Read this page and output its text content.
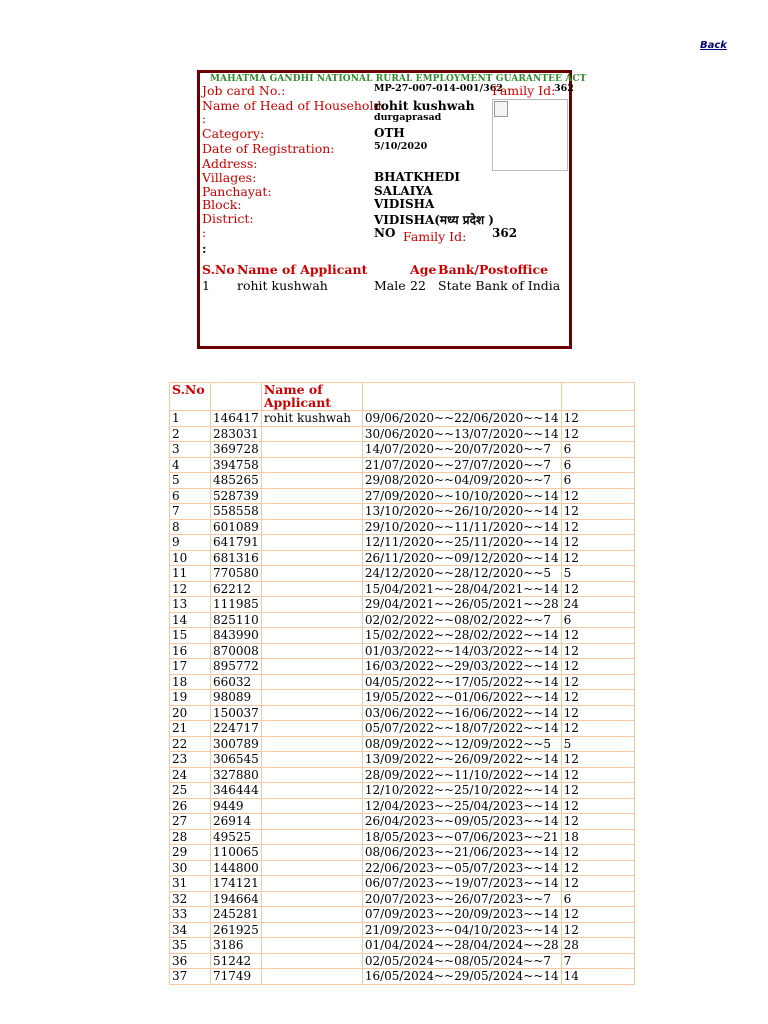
Back
MAHATMA GANDHI NATIONAL RURAL EMPLOYMENT GUARANTEE ACT
Job card No.:	MP-27-007-014-001/362
Family Id:
362
Name of Head of Household:
rohit kushwah
:	durgaprasad
Category:	OTH
Date of Registration:	5/10/2020
Address:
Villages:	BHATKHEDI
Panchayat:	SALAIYA
Block:	VIDISHA
District:	VIDISHA(मध्य प्रदेश )
:	NO Family Id: 362
:
S.No Name of Applicant	Age Bank/Postoffice
1 rohit kushwah	Male 22 State Bank of India
S.No		Name of Applicant		
1	146417	rohit kushwah	09/06/2020~~22/06/2020~~14	12
2	283031		30/06/2020~~13/07/2020~~14	12
3	369728		14/07/2020~~20/07/2020~~7	6
4	394758		21/07/2020~~27/07/2020~~7	6
5	485265		29/08/2020~~04/09/2020~~7	6
6	528739		27/09/2020~~10/10/2020~~14	12
7	558558		13/10/2020~~26/10/2020~~14	12
8	601089		29/10/2020~~11/11/2020~~14	12
9	641791		12/11/2020~~25/11/2020~~14	12
10	681316		26/11/2020~~09/12/2020~~14	12
11	770580		24/12/2020~~28/12/2020~~5	5
12	62212		15/04/2021~~28/04/2021~~14	12
13	111985		29/04/2021~~26/05/2021~~28	24
14	825110		02/02/2022~~08/02/2022~~7	6
15	843990		15/02/2022~~28/02/2022~~14	12
16	870008		01/03/2022~~14/03/2022~~14	12
17	895772		16/03/2022~~29/03/2022~~14	12
18	66032		04/05/2022~~17/05/2022~~14	12
19	98089		19/05/2022~~01/06/2022~~14	12
20	150037		03/06/2022~~16/06/2022~~14	12
21	224717		05/07/2022~~18/07/2022~~14	12
22	300789		08/09/2022~~12/09/2022~~5	5
23	306545		13/09/2022~~26/09/2022~~14	12
24	327880		28/09/2022~~11/10/2022~~14	12
25	346444		12/10/2022~~25/10/2022~~14	12
26	9449		12/04/2023~~25/04/2023~~14	12
27	26914		26/04/2023~~09/05/2023~~14	12
28	49525		18/05/2023~~07/06/2023~~21	18
29	110065		08/06/2023~~21/06/2023~~14	12
30	144800		22/06/2023~~05/07/2023~~14	12
31	174121		06/07/2023~~19/07/2023~~14	12
32	194664		20/07/2023~~26/07/2023~~7	6
33	245281		07/09/2023~~20/09/2023~~14	12
34	261925		21/09/2023~~04/10/2023~~14	12
35	3186		01/04/2024~~28/04/2024~~28	28
36	51242		02/05/2024~~08/05/2024~~7	7
37	71749		16/05/2024~~29/05/2024~~14	14
